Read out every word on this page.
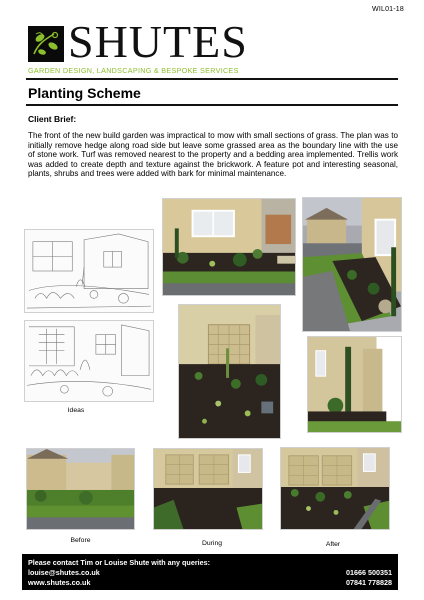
WIL01-18
SHUTES
GARDEN DESIGN, LANDSCAPING & BESPOKE SERVICES
Planting Scheme
Client Brief:
The front of the new build garden was impractical to mow with small sections of grass. The plan was to initially remove hedge along road side but leave some grassed area as the boundary line with the use of stone work. Turf was removed nearest to the property and a bedding area implemented. Trellis work was added to create depth and texture against the brickwork. A feature pot and interesting seasonal, plants, shrubs and trees were added with bark for minimal maintenance.
Ideas
Before	During	After
Please contact Tim or Louise Shute with any queries:
louise@shutes.co.uk
www.shutes.co.uk
01666 500351
07841 778828
